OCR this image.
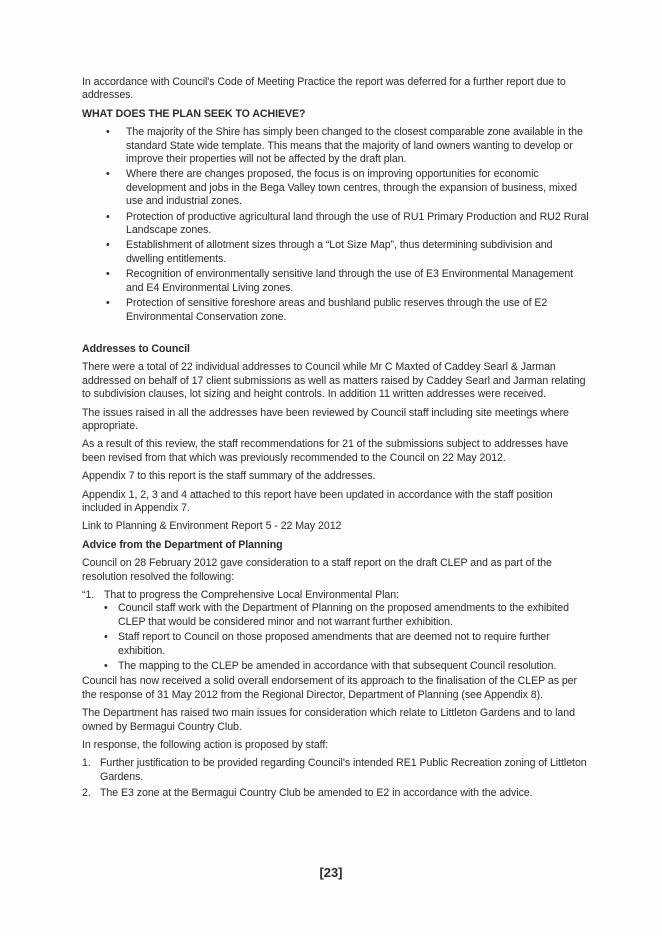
In accordance with Council's Code of Meeting Practice the report was deferred for a further report due to addresses.

WHAT DOES THE PLAN SEEK TO ACHIEVE?

• The majority of the Shire has simply been changed to the closest comparable zone available in the standard State wide template. This means that the majority of land owners wanting to develop or improve their properties will not be affected by the draft plan.
• Where there are changes proposed, the focus is on improving opportunities for economic development and jobs in the Bega Valley town centres, through the expansion of business, mixed use and industrial zones.
• Protection of productive agricultural land through the use of RU1 Primary Production and RU2 Rural Landscape zones.
• Establishment of allotment sizes through a “Lot Size Map”, thus determining subdivision and dwelling entitlements.
• Recognition of environmentally sensitive land through the use of E3 Environmental Management and E4 Environmental Living zones.
• Protection of sensitive foreshore areas and bushland public reserves through the use of E2 Environmental Conservation zone.

Addresses to Council

There were a total of 22 individual addresses to Council while Mr C Maxted of Caddey Searl & Jarman addressed on behalf of 17 client submissions as well as matters raised by Caddey Searl and Jarman relating to subdivision clauses, lot sizing and height controls. In addition 11 written addresses were received.

The issues raised in all the addresses have been reviewed by Council staff including site meetings where appropriate.

As a result of this review, the staff recommendations for 21 of the submissions subject to addresses have been revised from that which was previously recommended to the Council on 22 May 2012.

Appendix 7 to this report is the staff summary of the addresses.

Appendix 1, 2, 3 and 4 attached to this report have been updated in accordance with the staff position included in Appendix 7.

Link to Planning & Environment Report 5 - 22 May 2012

Advice from the Department of Planning

Council on 28 February 2012 gave consideration to a staff report on the draft CLEP and as part of the resolution resolved the following:

“1. That to progress the Comprehensive Local Environmental Plan:
• Council staff work with the Department of Planning on the proposed amendments to the exhibited CLEP that would be considered minor and not warrant further exhibition.
• Staff report to Council on those proposed amendments that are deemed not to require further exhibition.
• The mapping to the CLEP be amended in accordance with that subsequent Council resolution.

Council has now received a solid overall endorsement of its approach to the finalisation of the CLEP as per the response of 31 May 2012 from the Regional Director, Department of Planning (see Appendix 8).

The Department has raised two main issues for consideration which relate to Littleton Gardens and to land owned by Bermagui Country Club.

In response, the following action is proposed by staff:

1. Further justification to be provided regarding Council's intended RE1 Public Recreation zoning of Littleton Gardens.
2. The E3 zone at the Bermagui Country Club be amended to E2 in accordance with the advice.
[23]
